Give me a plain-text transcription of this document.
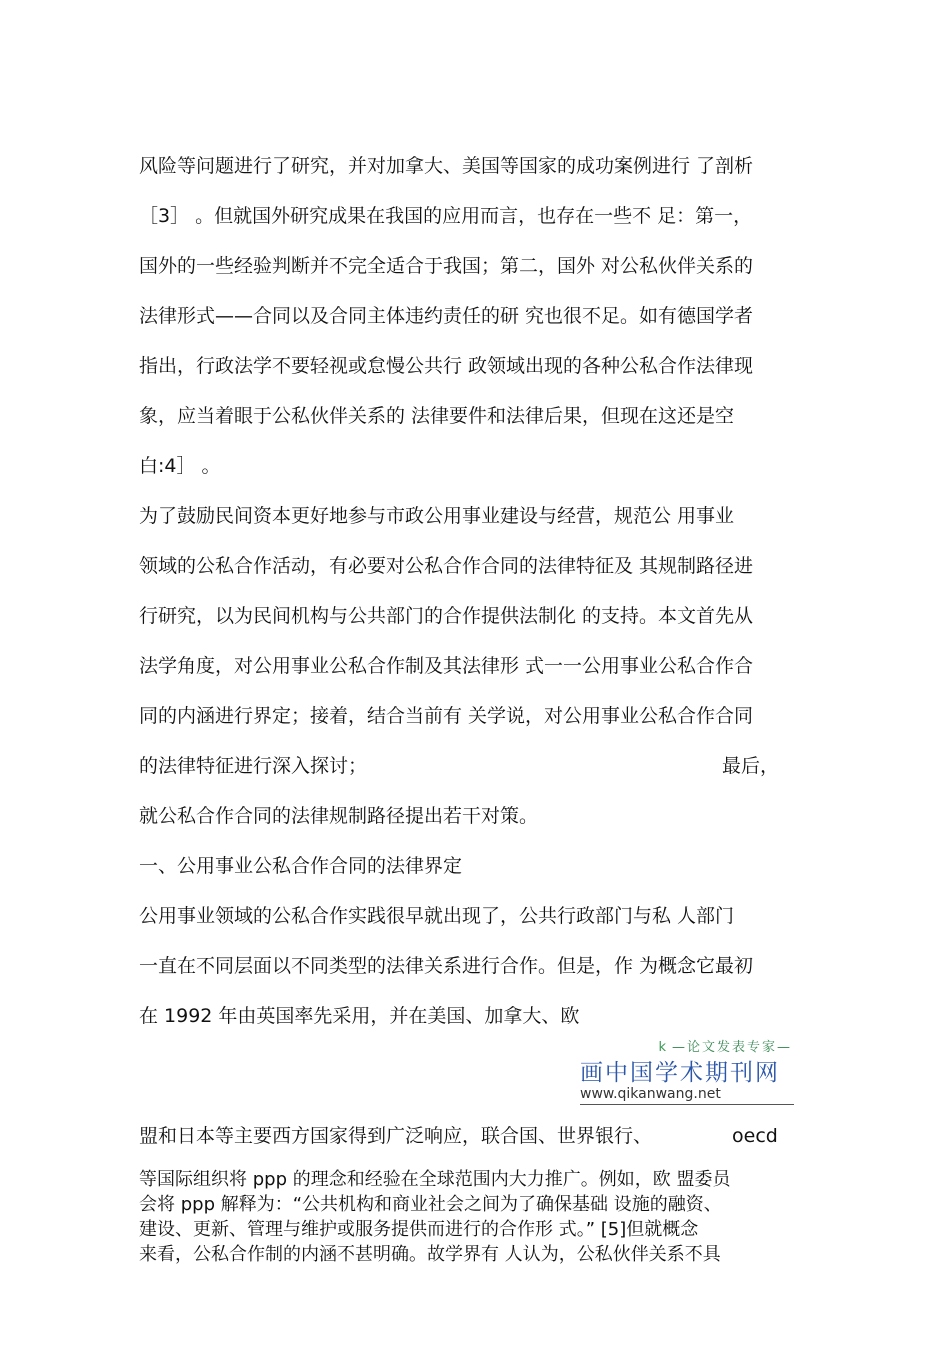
风险等问题进行了研究，并对加拿大、美国等国家的成功案例进行 了剖析
［3］ 。但就国外研究成果在我国的应用而言，也存在一些不 足：第一，
国外的一些经验判断并不完全适合于我国；第二，国外 对公私伙伴关系的
法律形式——合同以及合同主体违约责任的研 究也很不足。如有德国学者
指出，行政法学不要轻视或怠慢公共行 政领域出现的各种公私合作法律现
象，应当着眼于公私伙伴关系的 法律要件和法律后果，但现在这还是空
白:4］ 。
为了鼓励民间资本更好地参与市政公用事业建设与经营，规范公 用事业
领域的公私合作活动，有必要对公私合作合同的法律特征及 其规制路径进
行研究，以为民间机构与公共部门的合作提供法制化 的支持。本文首先从
法学角度，对公用事业公私合作制及其法律形 式一一公用事业公私合作合
同的内涵进行界定；接着，结合当前有 关学说，对公用事业公私合作合同
的法律特征进行深入探讨；	最后，
就公私合作合同的法律规制路径提出若干对策。
一、公用事业公私合作合同的法律界定
公用事业领域的公私合作实践很早就出现了，公共行政部门与私 人部门
一直在不同层面以不同类型的法律关系进行合作。但是，作 为概念它最初
在 1992 年由英国率先采用，并在美国、加拿大、欧
k —论文发表专家—
画中国学术期刊网
www.qikanwang.net
盟和日本等主要西方国家得到广泛响应，联合国、世界银行、	oecd
等国际组织将 ppp 的理念和经验在全球范围内大力推广。例如，欧 盟委员
会将 ppp 解释为：“公共机构和商业社会之间为了确保基础 设施的融资、
建设、更新、管理与维护或服务提供而进行的合作形 式。” [5]但就概念
来看，公私合作制的内涵不甚明确。故学界有 人认为，公私伙伴关系不具
